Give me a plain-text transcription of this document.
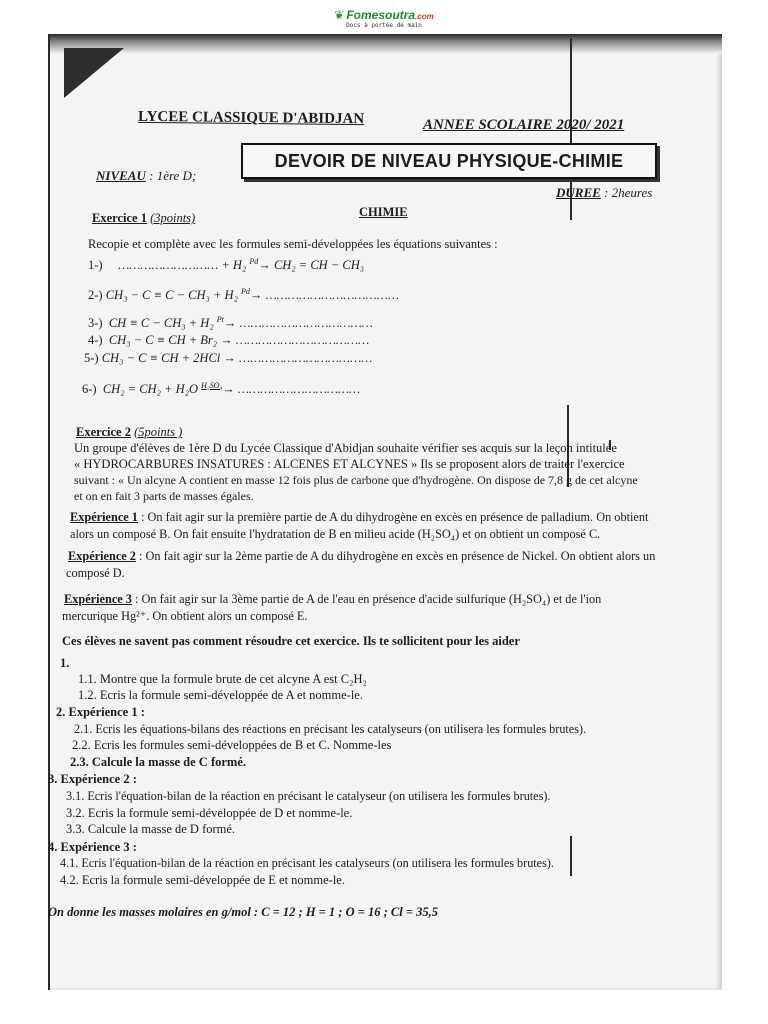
❦ Fomesoutra.com
Docs à portée de main
LYCEE CLASSIQUE D'ABIDJAN	ANNEE SCOLAIRE 2020/ 2021
DEVOIR DE NIVEAU PHYSIQUE-CHIMIE
NIVEAU : 1ère D;
DUREE : 2heures
CHIMIE
Exercice 1 (3points)
Recopie et complète avec les formules semi-développées les équations suivantes :
1-) ……………………… + H₂ $^{Pd}$→ CH₂ = CH − CH₃
2-) CH₃ − C ≡ C − CH₃ + H₂ $^{Pd}$→ ………………………………
3-) CH ≡ C − CH₃ + H₂ $^{Pt}$→ ………………………………
4-) CH₃ − C ≡ CH + Br₂ → ………………………………
5-) CH₃ − C ≡ CH + 2HCl → ………………………………
6-) CH₂ = CH₂ + H₂O $^{H_2SO_4}$→ ……………………………
Exercice 2 (5points )
Un groupe d'élèves de 1ère D du Lycée Classique d'Abidjan souhaite vérifier ses acquis sur la leçon intitulée
« HYDROCARBURES INSATURES : ALCENES ET ALCYNES » Ils se proposent alors de traiter l'exercice
suivant : « Un alcyne A contient en masse 12 fois plus de carbone que d'hydrogène. On dispose de 7,8 g de cet alcyne
et on en fait 3 parts de masses égales.
Expérience 1 : On fait agir sur la première partie de A du dihydrogène en excès en présence de palladium. On obtient
alors un composé B. On fait ensuite l'hydratation de B en milieu acide (H₂SO₄) et on obtient un composé C.
Expérience 2 : On fait agir sur la 2ème partie de A du dihydrogène en excès en présence de Nickel. On obtient alors un
composé D.
Expérience 3 : On fait agir sur la 3ème partie de A de l'eau en présence d'acide sulfurique (H₂SO₄) et de l'ion
mercurique Hg²⁺. On obtient alors un composé E.
Ces élèves ne savent pas comment résoudre cet exercice. Ils te sollicitent pour les aider
1.
1.1. Montre que la formule brute de cet alcyne A est C₂H₂
1.2. Ecris la formule semi-développée de A et nomme-le.
2. Expérience 1 :
2.1. Ecris les équations-bilans des réactions en précisant les catalyseurs (on utilisera les formules brutes).
2.2. Ecris les formules semi-développées de B et C. Nomme-les
2.3. Calcule la masse de C formé.
3. Expérience 2 :
3.1. Ecris l'équation-bilan de la réaction en précisant le catalyseur (on utilisera les formules brutes).
3.2. Ecris la formule semi-développée de D et nomme-le.
3.3. Calcule la masse de D formé.
4. Expérience 3 :
4.1. Ecris l'équation-bilan de la réaction en précisant les catalyseurs (on utilisera les formules brutes).
4.2. Ecris la formule semi-développée de E et nomme-le.
On donne les masses molaires en g/mol : C = 12 ; H = 1 ; O = 16 ; Cl = 35,5
